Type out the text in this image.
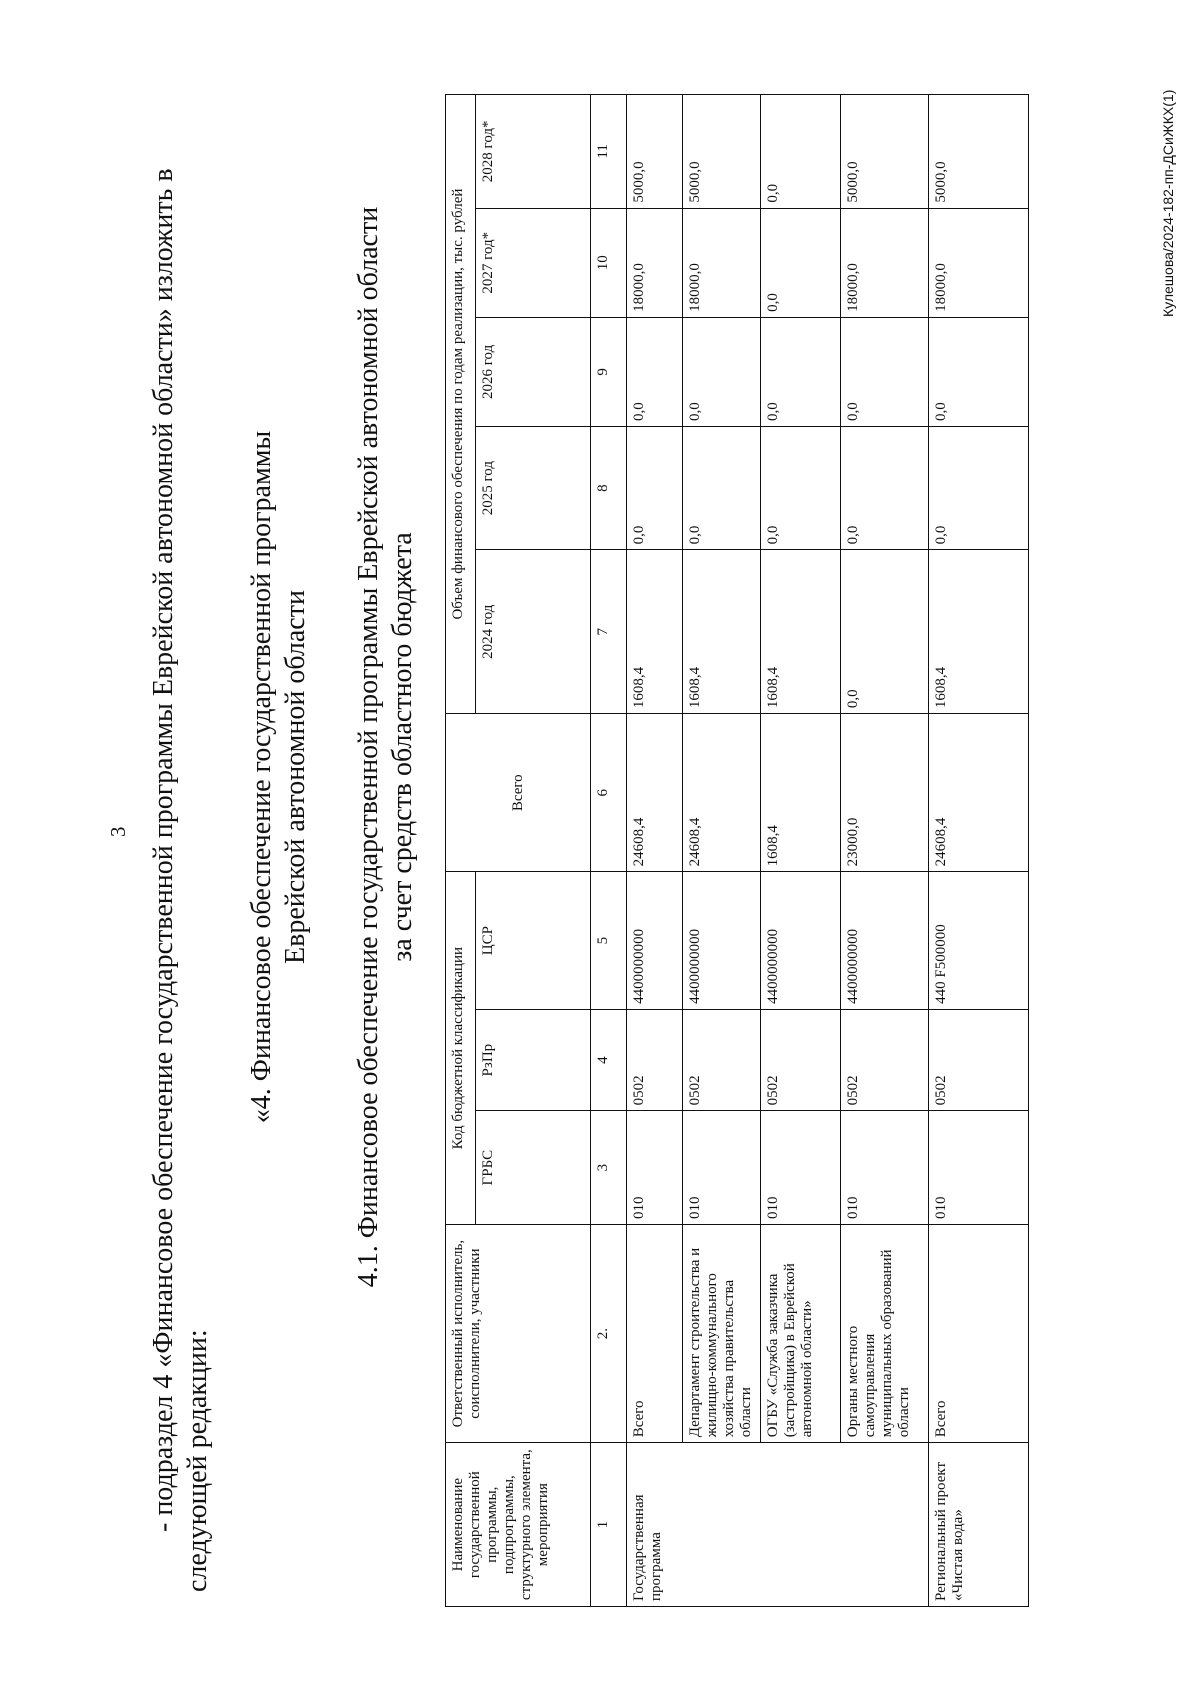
3 - подраздел 4 «Финансовое обеспечение государственной программы Еврейской автономной области» изложить в следующей редакции:
«4. Финансовое обеспечение государственной программы Еврейской автономной области 4.1. Финансовое обеспечение государственной программы Еврейской автономной области за счет средств областного бюджета
Наименование государственной программы, подпрограммы, структурного элемента, мероприятия	Ответственный исполнитель, соисполнители, участники	Код бюджетной классификации			Всего	Объем финансового обеспечения по годам реализации, тыс. рублей				
		ГРБС	РзПр	ЦСР		2024 год	2025 год	2026 год	2027 год*	2028 год*
1	2.	3	4	5	6	7	8	9	10	11
Государственная программа	Всего	010	0502	4400000000	24608,4	1608,4	0,0	0,0	18000,0	5000,0
	Департамент строительства и жилищно-коммунального хозяйства правительства области	010	0502	4400000000	24608,4	1608,4	0,0	0,0	18000,0	5000,0
	ОГБУ «Служба заказчика (застройщика) в Еврейской автономной области»	010	0502	4400000000	1608,4	1608,4	0,0	0,0	0,0	0,0
	Органы местного самоуправления муниципальных образований области	010	0502	4400000000	23000,0	0,0	0,0	0,0	18000,0	5000,0
Региональный проект «Чистая вода»	Всего	010	0502	440 F500000	24608,4	1608,4	0,0	0,0	18000,0	5000,0	Кулешова/2024-182-пп-ДСиЖКХ(1)
